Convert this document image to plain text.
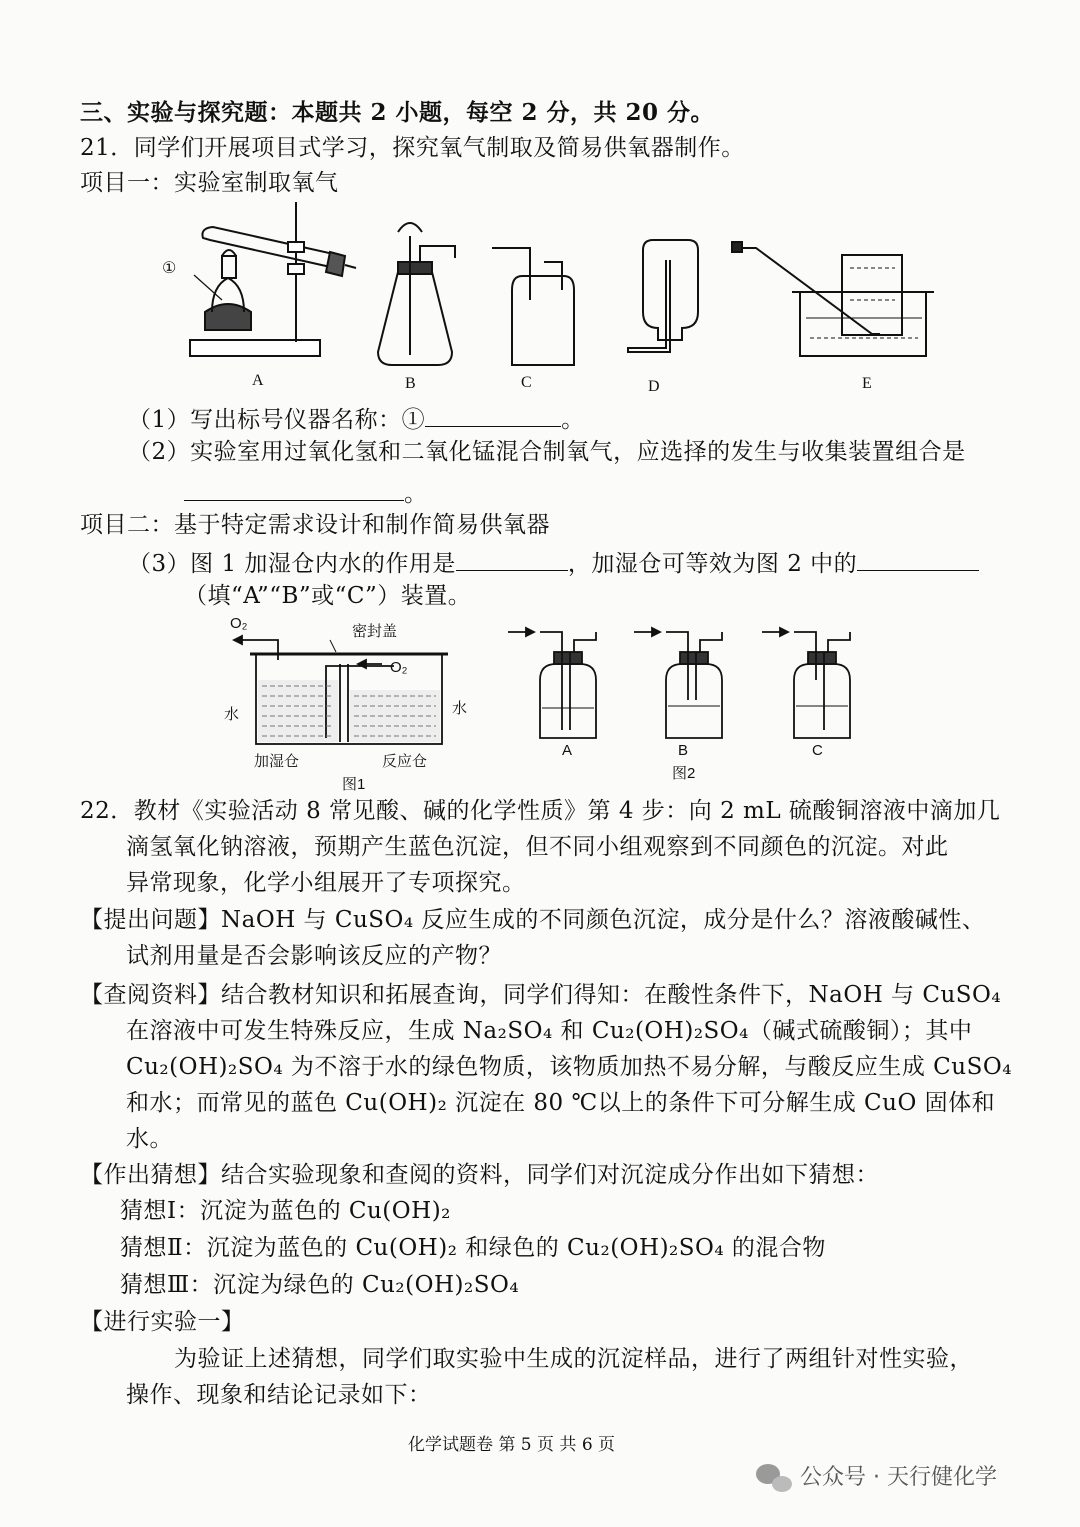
三、实验与探究题：本题共 2 小题，每空 2 分，共 20 分。
21．同学们开展项目式学习，探究氧气制取及简易供氧器制作。
项目一：实验室制取氧气
①
A	B	C	D	E
（1）写出标号仪器名称：①	。
（2）实验室用过氧化氢和二氧化锰混合制氧气，应选择的发生与收集装置组合是
。
项目二：基于特定需求设计和制作简易供氧器
（3）图 1 加湿仓内水的作用是	，加湿仓可等效为图 2 中的
（填“A”“B”或“C”）装置。
O₂	密封盖
O₂
水	水
加湿仓	反应仓
图1
A	B	C
图2
22．教材《实验活动 8 常见酸、碱的化学性质》第 4 步：向 2 mL 硫酸铜溶液中滴加几
滴氢氧化钠溶液，预期产生蓝色沉淀，但不同小组观察到不同颜色的沉淀。对此
异常现象，化学小组展开了专项探究。
【提出问题】NaOH 与 CuSO₄ 反应生成的不同颜色沉淀，成分是什么？溶液酸碱性、
试剂用量是否会影响该反应的产物？
【查阅资料】结合教材知识和拓展查询，同学们得知：在酸性条件下，NaOH 与 CuSO₄
在溶液中可发生特殊反应，生成 Na₂SO₄ 和 Cu₂(OH)₂SO₄（碱式硫酸铜）；其中
Cu₂(OH)₂SO₄ 为不溶于水的绿色物质，该物质加热不易分解，与酸反应生成 CuSO₄
和水；而常见的蓝色 Cu(OH)₂ 沉淀在 80 ℃以上的条件下可分解生成 CuO 固体和
水。
【作出猜想】结合实验现象和查阅的资料，同学们对沉淀成分作出如下猜想：
猜想Ⅰ：沉淀为蓝色的 Cu(OH)₂
猜想Ⅱ：沉淀为蓝色的 Cu(OH)₂ 和绿色的 Cu₂(OH)₂SO₄ 的混合物
猜想Ⅲ：沉淀为绿色的 Cu₂(OH)₂SO₄
【进行实验一】
为验证上述猜想，同学们取实验中生成的沉淀样品，进行了两组针对性实验，
操作、现象和结论记录如下：
化学试题卷 第 5 页 共 6 页
公众号 · 天行健化学
